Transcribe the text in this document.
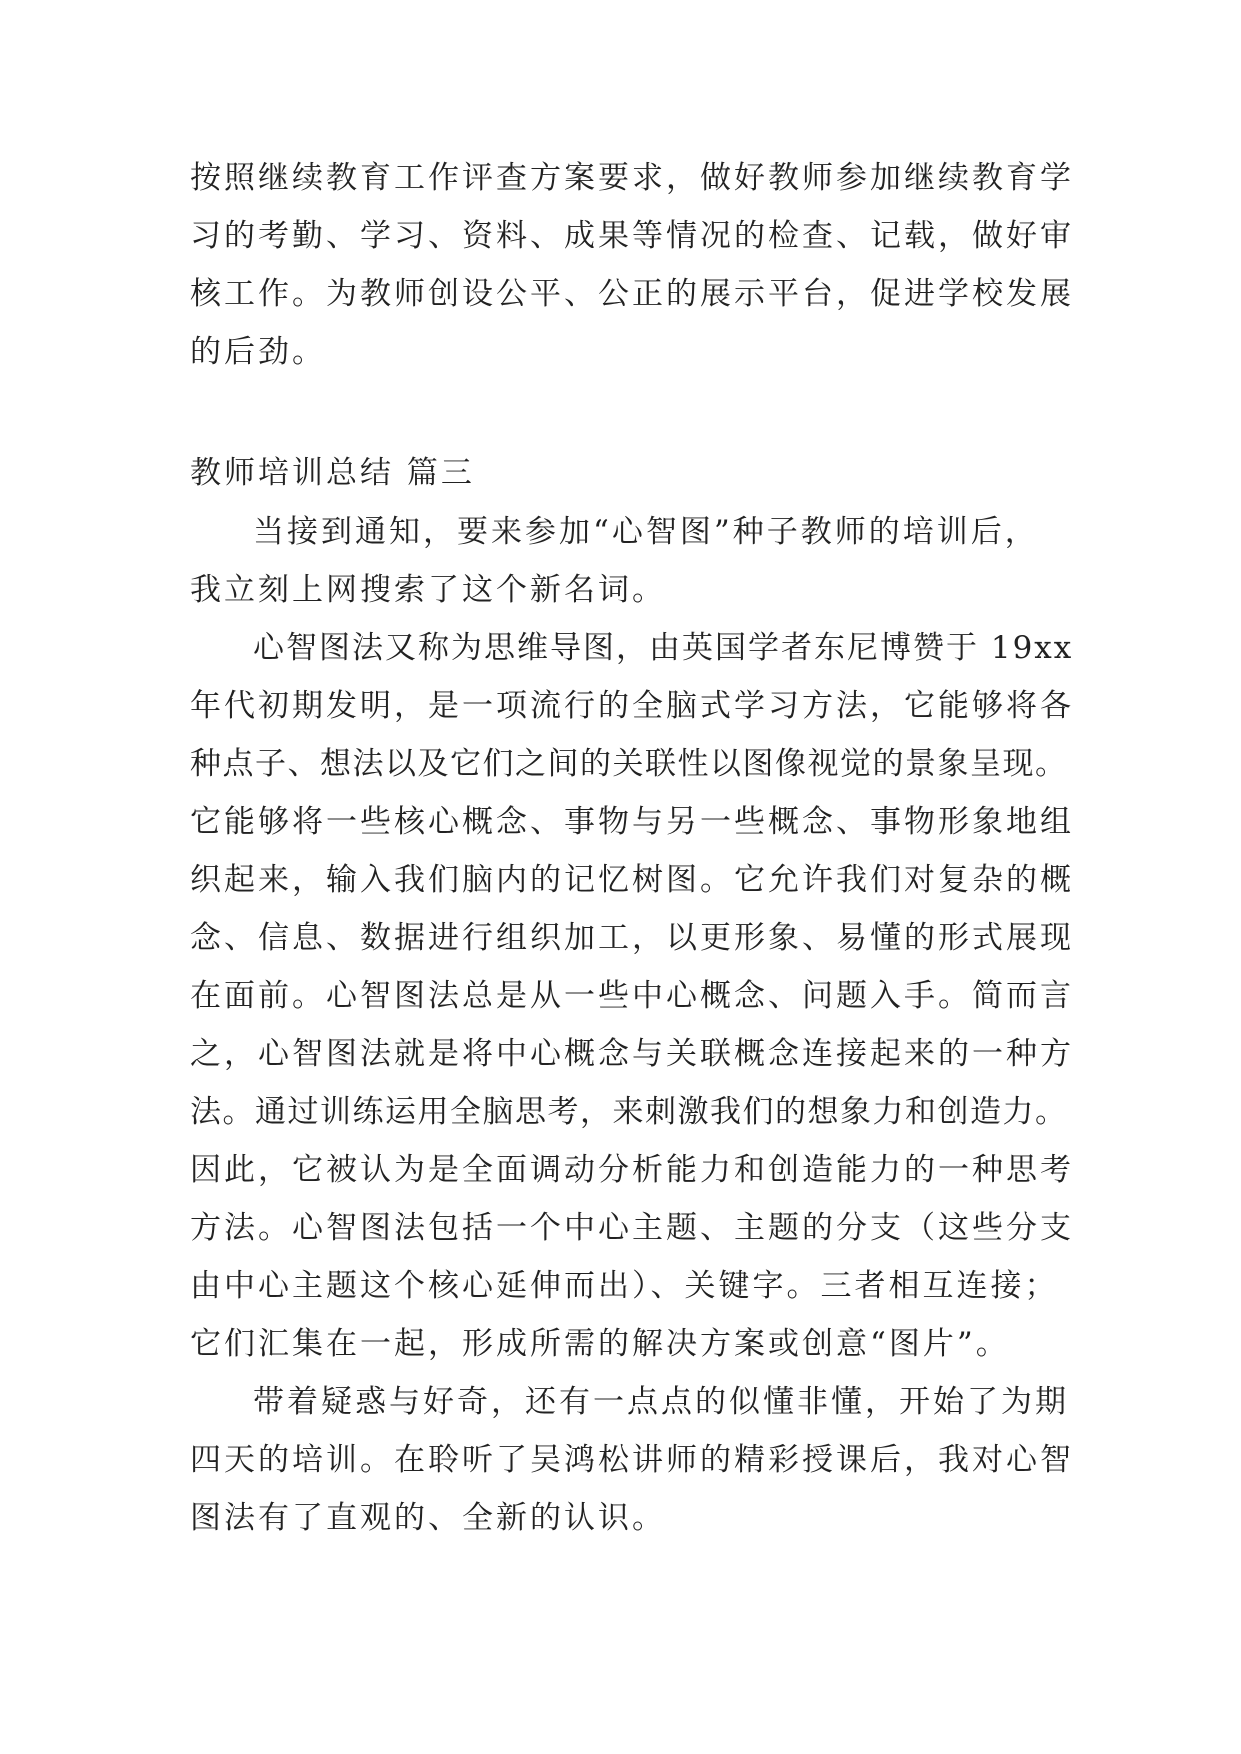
按照继续教育工作评查方案要求，做好教师参加继续教育学
习的考勤、学习、资料、成果等情况的检查、记载，做好审
核工作。为教师创设公平、公正的展示平台，促进学校发展
的后劲。
教师培训总结 篇三
当接到通知，要来参加“心智图”种子教师的培训后，
我立刻上网搜索了这个新名词。
心智图法又称为思维导图，由英国学者东尼博赞于 19xx
年代初期发明，是一项流行的全脑式学习方法，它能够将各
种点子、想法以及它们之间的关联性以图像视觉的景象呈现。
它能够将一些核心概念、事物与另一些概念、事物形象地组
织起来，输入我们脑内的记忆树图。它允许我们对复杂的概
念、信息、数据进行组织加工，以更形象、易懂的形式展现
在面前。心智图法总是从一些中心概念、问题入手。简而言
之，心智图法就是将中心概念与关联概念连接起来的一种方
法。通过训练运用全脑思考，来刺激我们的想象力和创造力。
因此，它被认为是全面调动分析能力和创造能力的一种思考
方法。心智图法包括一个中心主题、主题的分支（这些分支
由中心主题这个核心延伸而出）、关键字。三者相互连接；
它们汇集在一起，形成所需的解决方案或创意“图片”。
带着疑惑与好奇，还有一点点的似懂非懂，开始了为期
四天的培训。在聆听了吴鸿松讲师的精彩授课后，我对心智
图法有了直观的、全新的认识。
